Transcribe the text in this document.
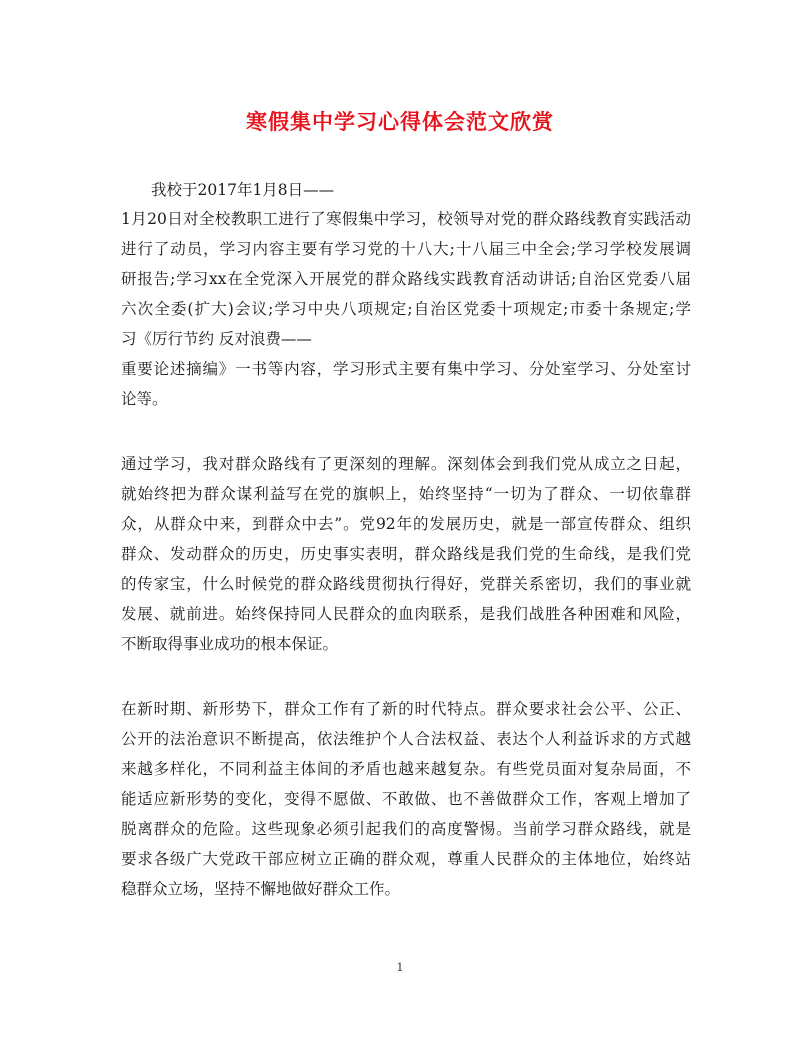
寒假集中学习心得体会范文欣赏
我校于2017年1月8日——
1月20日对全校教职工进行了寒假集中学习，校领导对党的群众路线教育实践活动
进行了动员，学习内容主要有学习党的十八大;十八届三中全会;学习学校发展调
研报告;学习xx在全党深入开展党的群众路线实践教育活动讲话;自治区党委八届
六次全委(扩大)会议;学习中央八项规定;自治区党委十项规定;市委十条规定;学
习《厉行节约 反对浪费——
重要论述摘编》一书等内容，学习形式主要有集中学习、分处室学习、分处室讨
论等。
通过学习，我对群众路线有了更深刻的理解。深刻体会到我们党从成立之日起，
就始终把为群众谋利益写在党的旗帜上，始终坚持“一切为了群众、一切依靠群
众，从群众中来，到群众中去”。党92年的发展历史，就是一部宣传群众、组织
群众、发动群众的历史，历史事实表明，群众路线是我们党的生命线，是我们党
的传家宝，什么时候党的群众路线贯彻执行得好，党群关系密切，我们的事业就
发展、就前进。始终保持同人民群众的血肉联系，是我们战胜各种困难和风险，
不断取得事业成功的根本保证。
在新时期、新形势下，群众工作有了新的时代特点。群众要求社会公平、公正、
公开的法治意识不断提高，依法维护个人合法权益、表达个人利益诉求的方式越
来越多样化，不同利益主体间的矛盾也越来越复杂。有些党员面对复杂局面，不
能适应新形势的变化，变得不愿做、不敢做、也不善做群众工作，客观上增加了
脱离群众的危险。这些现象必须引起我们的高度警惕。当前学习群众路线，就是
要求各级广大党政干部应树立正确的群众观，尊重人民群众的主体地位，始终站
稳群众立场，坚持不懈地做好群众工作。
1
